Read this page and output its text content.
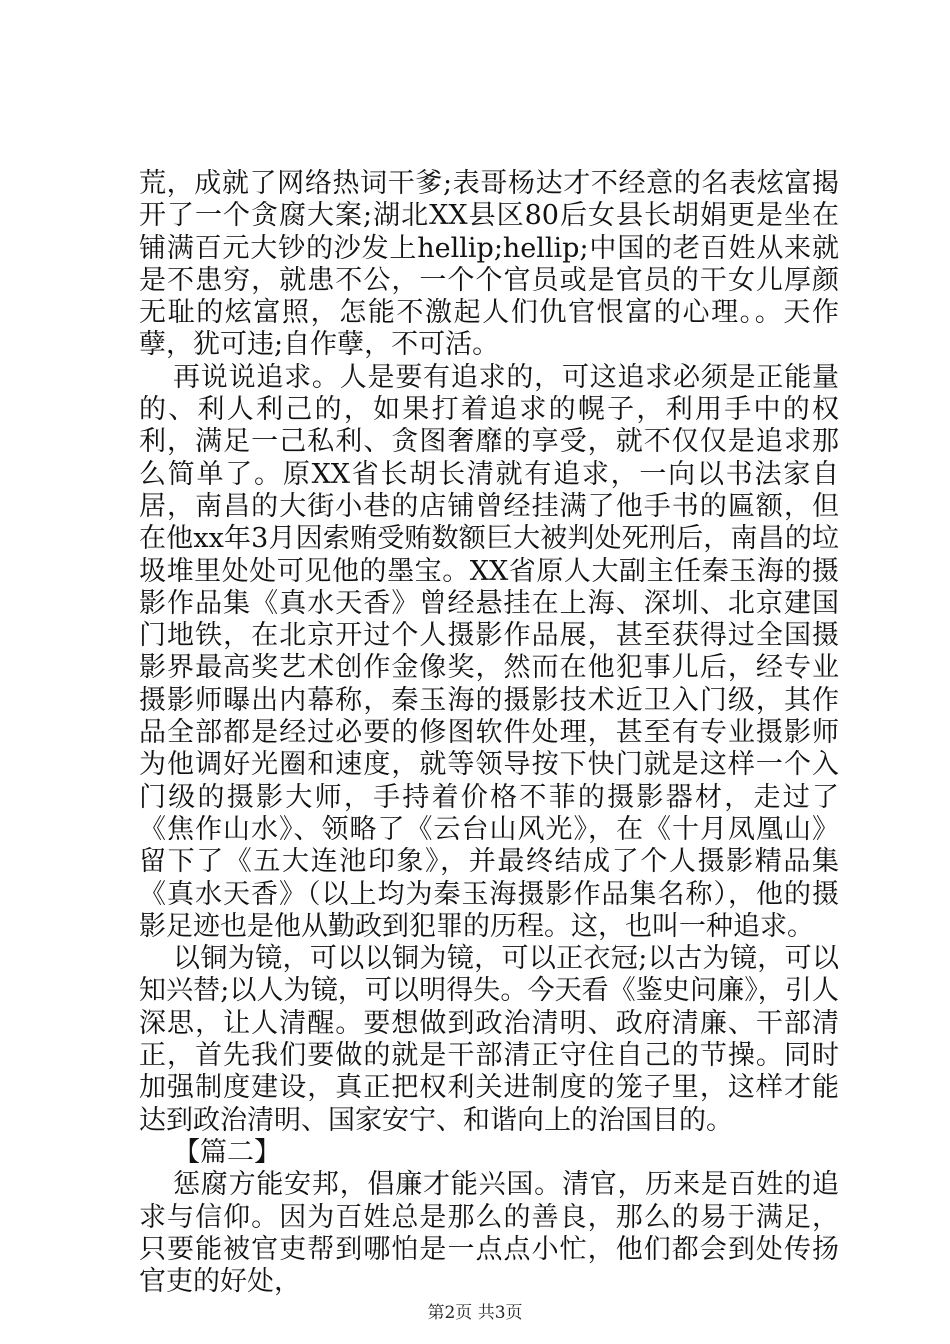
荒，成就了网络热词干爹;表哥杨达才不经意的名表炫富揭开了一个贪腐大案;湖北XX县区80后女县长胡娟更是坐在铺满百元大钞的沙发上hellip;hellip;中国的老百姓从来就是不患穷，就患不公，一个个官员或是官员的干女儿厚颜无耻的炫富照，怎能不激起人们仇官恨富的心理。。天作孽，犹可违;自作孽，不可活。

再说说追求。人是要有追求的，可这追求必须是正能量的、利人利己的，如果打着追求的幌子，利用手中的权利，满足一己私利、贪图奢靡的享受，就不仅仅是追求那么简单了。原XX省长胡长清就有追求，一向以书法家自居，南昌的大街小巷的店铺曾经挂满了他手书的匾额，但在他xx年3月因索贿受贿数额巨大被判处死刑后，南昌的垃圾堆里处处可见他的墨宝。XX省原人大副主任秦玉海的摄影作品集《真水天香》曾经悬挂在上海、深圳、北京建国门地铁，在北京开过个人摄影作品展，甚至获得过全国摄影界最高奖艺术创作金像奖，然而在他犯事儿后，经专业摄影师曝出内幕称，秦玉海的摄影技术近卫入门级，其作品全部都是经过必要的修图软件处理，甚至有专业摄影师为他调好光圈和速度，就等领导按下快门就是这样一个入门级的摄影大师，手持着价格不菲的摄影器材，走过了《焦作山水》、领略了《云台山风光》，在《十月凤凰山》留下了《五大连池印象》，并最终结成了个人摄影精品集《真水天香》（以上均为秦玉海摄影作品集名称），他的摄影足迹也是他从勤政到犯罪的历程。这，也叫一种追求。

以铜为镜，可以以铜为镜，可以正衣冠;以古为镜，可以知兴替;以人为镜，可以明得失。今天看《鉴史问廉》，引人深思，让人清醒。要想做到政治清明、政府清廉、干部清正，首先我们要做的就是干部清正守住自己的节操。同时加强制度建设，真正把权利关进制度的笼子里，这样才能达到政治清明、国家安宁、和谐向上的治国目的。

【篇二】

惩腐方能安邦，倡廉才能兴国。清官，历来是百姓的追求与信仰。因为百姓总是那么的善良，那么的易于满足，只要能被官吏帮到哪怕是一点点小忙，他们都会到处传扬官吏的好处，

第2页 共3页
